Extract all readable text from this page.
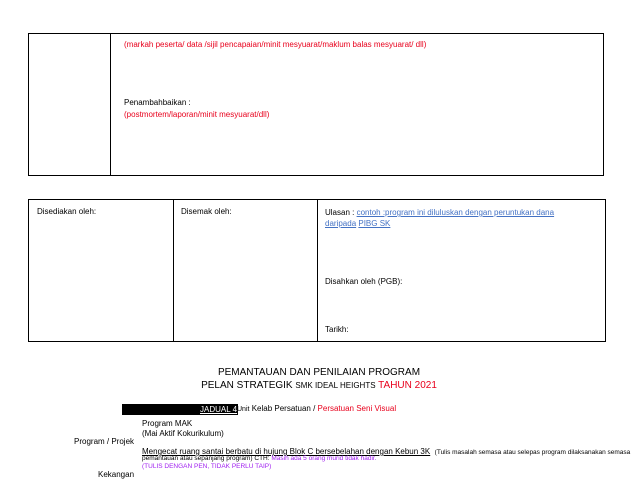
(markah peserta/ data /sijil pencapaian/minit mesyuarat/maklum balas mesyuarat/ dll)
Penambahbaikan :
(postmortem/laporan/minit mesyuarat/dll)
Disediakan oleh:	Disemak oleh:	Ulasan : contoh :program ini diluluskan dengan peruntukan dana
daripada PIBG SK
Disahkan oleh (PGB):
Tarikh:
PEMANTAUAN DAN PENILAIAN PROGRAM
PELAN STRATEGIK SMK IDEAL HEIGHTS TAHUN 2021
JADUAL 4 Unit Kelab Persatuan / Persatuan Seni Visual
Program MAK
(Mai Aktif Kokurikulum)
Program / Projek
Mengecat ruang santai berbatu di hujung Blok C bersebelahan dengan Kebun 3K (Tulis masalah semasa atau selepas program dilaksanakan semasa
pemantauan atau sepanjang program) CTH: Masih ada 5 orang murid tidak hadir.
(TULIS DENGAN PEN, TIDAK PERLU TAIP)
Kekangan
